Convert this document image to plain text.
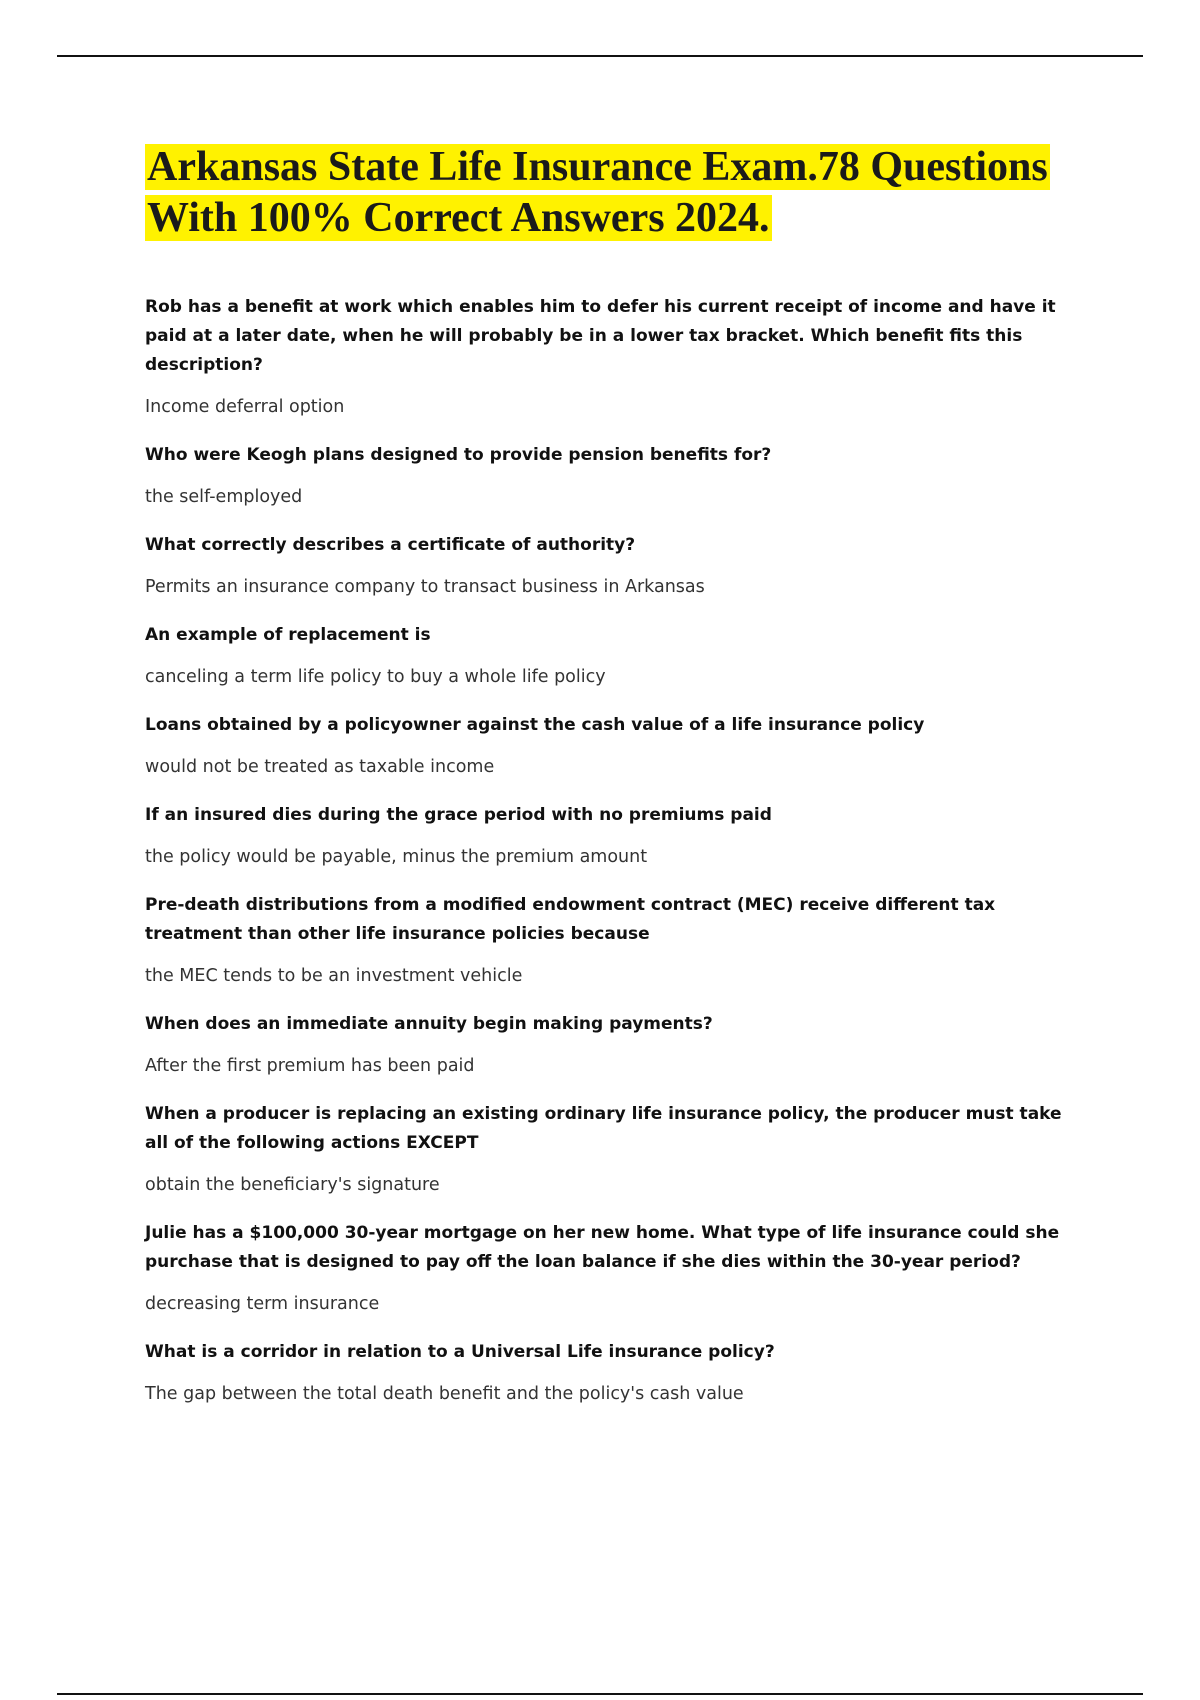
Arkansas State Life Insurance Exam.78 Questions With 100% Correct Answers 2024.

Rob has a benefit at work which enables him to defer his current receipt of income and have it paid at a later date, when he will probably be in a lower tax bracket. Which benefit fits this description?

Income deferral option

Who were Keogh plans designed to provide pension benefits for?

the self-employed

What correctly describes a certificate of authority?

Permits an insurance company to transact business in Arkansas

An example of replacement is

canceling a term life policy to buy a whole life policy

Loans obtained by a policyowner against the cash value of a life insurance policy

would not be treated as taxable income

If an insured dies during the grace period with no premiums paid

the policy would be payable, minus the premium amount

Pre-death distributions from a modified endowment contract (MEC) receive different tax treatment than other life insurance policies because

the MEC tends to be an investment vehicle

When does an immediate annuity begin making payments?

After the first premium has been paid

When a producer is replacing an existing ordinary life insurance policy, the producer must take all of the following actions EXCEPT

obtain the beneficiary's signature

Julie has a $100,000 30-year mortgage on her new home. What type of life insurance could she purchase that is designed to pay off the loan balance if she dies within the 30-year period?

decreasing term insurance

What is a corridor in relation to a Universal Life insurance policy?

The gap between the total death benefit and the policy's cash value
